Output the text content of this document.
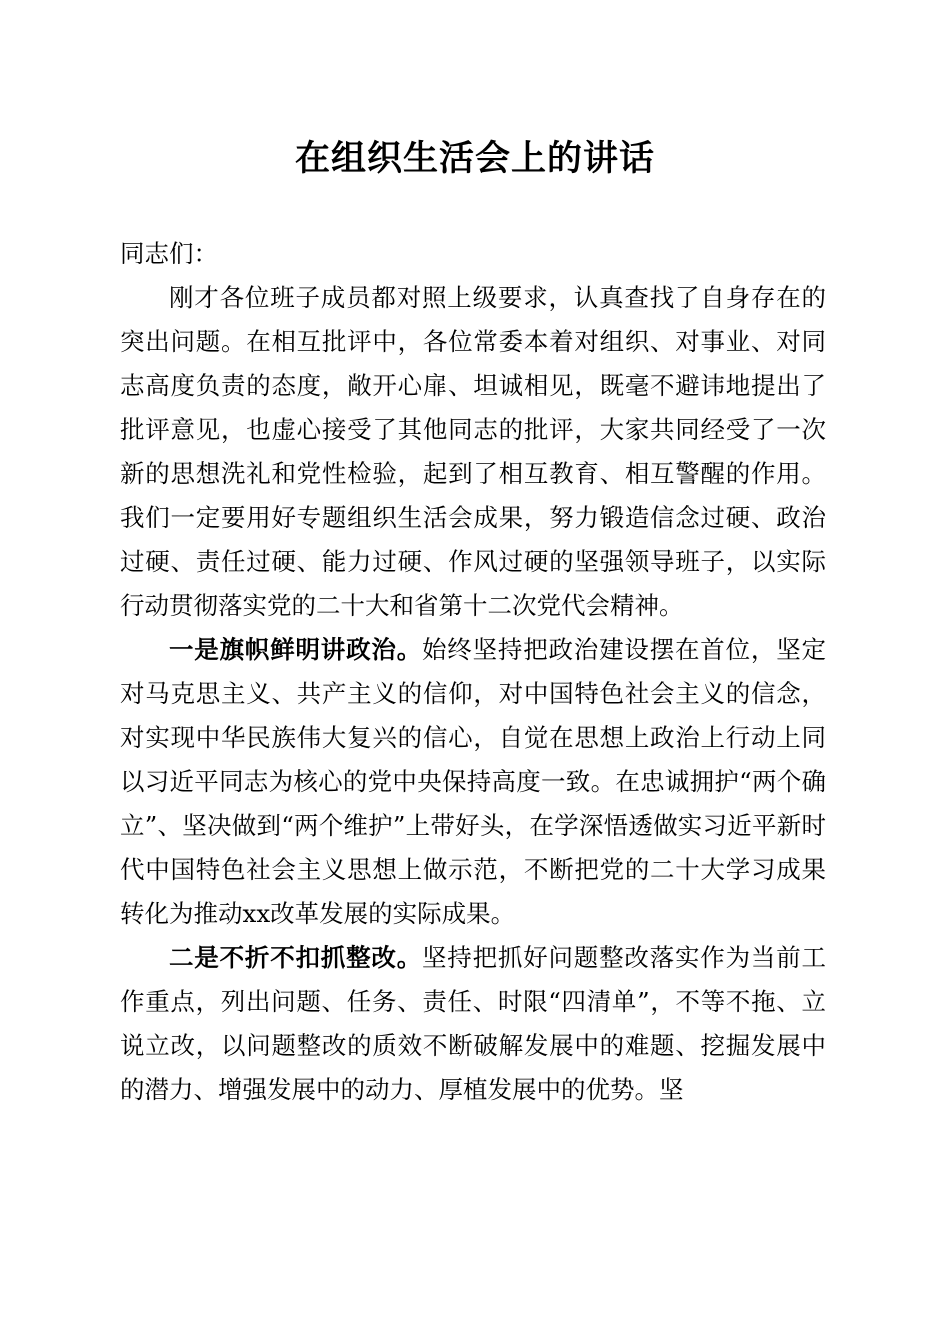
在组织生活会上的讲话

同志们：

刚才各位班子成员都对照上级要求，认真查找了自身存在的突出问题。在相互批评中，各位常委本着对组织、对事业、对同志高度负责的态度，敞开心扉、坦诚相见，既毫不避讳地提出了批评意见，也虚心接受了其他同志的批评，大家共同经受了一次新的思想洗礼和党性检验，起到了相互教育、相互警醒的作用。我们一定要用好专题组织生活会成果，努力锻造信念过硬、政治过硬、责任过硬、能力过硬、作风过硬的坚强领导班子，以实际行动贯彻落实党的二十大和省第十二次党代会精神。

一是旗帜鲜明讲政治。始终坚持把政治建设摆在首位，坚定对马克思主义、共产主义的信仰，对中国特色社会主义的信念，对实现中华民族伟大复兴的信心，自觉在思想上政治上行动上同以习近平同志为核心的党中央保持高度一致。在忠诚拥护“两个确立”、坚决做到“两个维护”上带好头，在学深悟透做实习近平新时代中国特色社会主义思想上做示范，不断把党的二十大学习成果转化为推动xx改革发展的实际成果。

二是不折不扣抓整改。坚持把抓好问题整改落实作为当前工作重点，列出问题、任务、责任、时限“四清单”，不等不拖、立说立改，以问题整改的质效不断破解发展中的难题、挖掘发展中的潜力、增强发展中的动力、厚植发展中的优势。坚
